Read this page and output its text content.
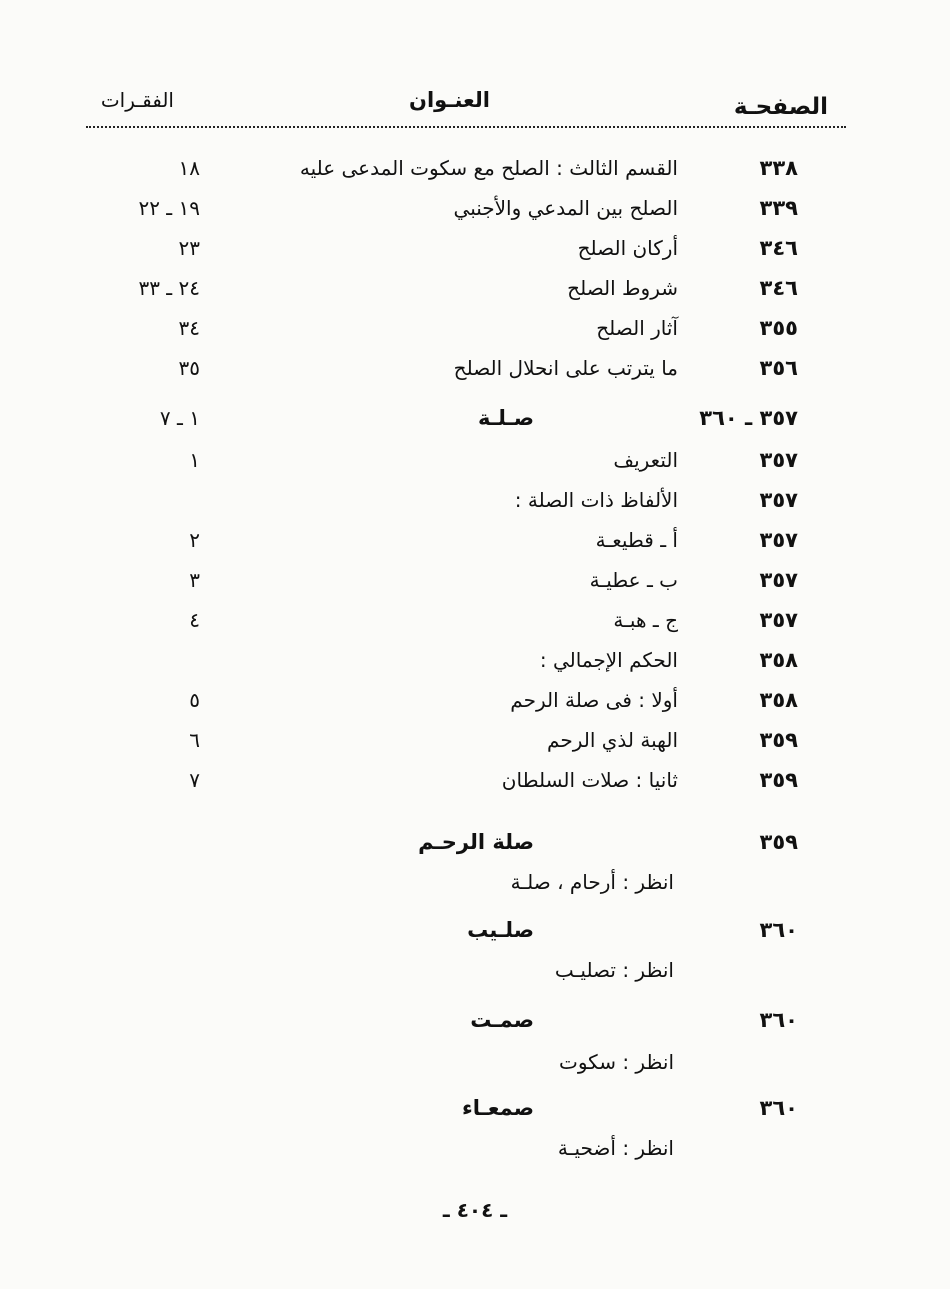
الصفحـة
العنـوان
الفقـرات
٣٣٨
القسم الثالث : الصلح مع سكوت المدعى عليه
١٨
٣٣٩
الصلح بين المدعي والأجنبي
١٩ ـ ٢٢
٣٤٦
أركان الصلح
٢٣
٣٤٦
شروط الصلح
٢٤ ـ ٣٣
٣٥٥
آثار الصلح
٣٤
٣٥٦
ما يترتب على انحلال الصلح
٣٥
٣٥٧ ـ ٣٦٠
صـلـة
١ ـ ٧
٣٥٧
التعريف
١
٣٥٧
الألفاظ ذات الصلة :
٣٥٧
أ ـ قطيعـة
٢
٣٥٧
ب ـ عطيـة
٣
٣٥٧
ج ـ هبـة
٤
٣٥٨
الحكم الإجمالي :
٣٥٨
أولا : فى صلة الرحم
٥
٣٥٩
الهبة لذي الرحم
٦
٣٥٩
ثانيا : صلات السلطان
٧
٣٥٩
صلة الرحـم
انظر : أرحام ، صلـة
٣٦٠
صلـيب
انظر : تصليـب
٣٦٠
صمـت
انظر : سكوت
٣٦٠
صمعـاء
انظر : أضحيـة
ـ ٤٠٤ ـ
